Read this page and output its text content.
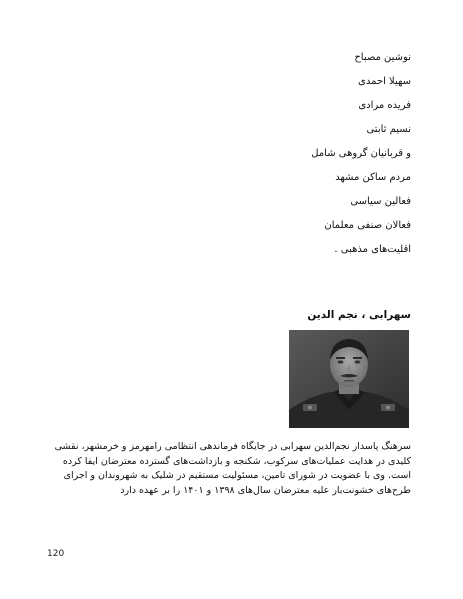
نوشین مصباح
سهیلا احمدی
فریده مرادی
نسیم ثابتی
و قربانیان گروهی شامل
مردم ساکن مشهد
فعالین سیاسی
فعالان صنفی معلمان
اقلیت‌های مذهبی .
سهرابی ، نجم الدین

سرهنگ پاسدار نجم‌الدین سهرابی در جایگاه فرماندهی انتظامی رامهرمز و خرمشهر، نقشی کلیدی در هدایت عملیات‌های سرکوب، شکنجه و بازداشت‌های گسترده معترضان ایفا کرده است. وی با عضویت در شورای تامین، مسئولیت مستقیم در شلیک به شهروندان و اجرای طرح‌های خشونت‌بار علیه معترضان سال‌های ۱۳۹۸ و ۱۴۰۱ را بر عهده دارد

120
